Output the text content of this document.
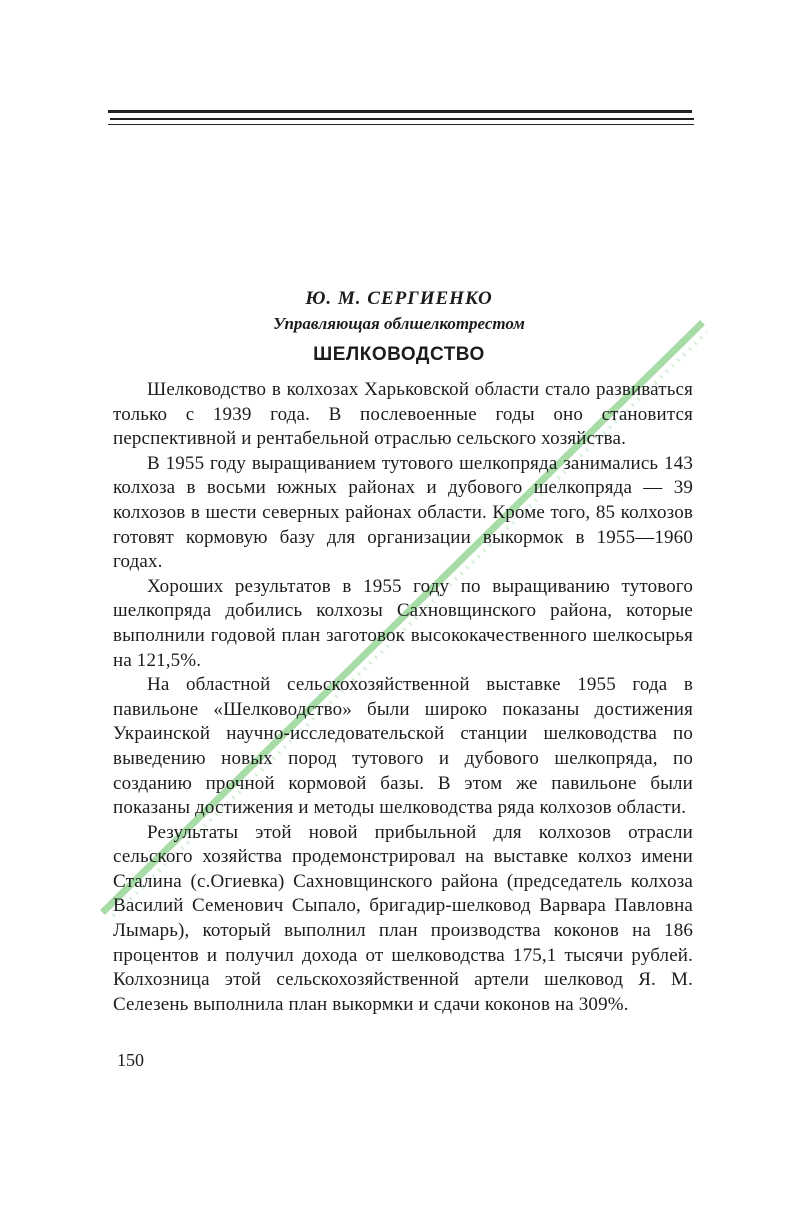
Ю. М. СЕРГИЕНКО
Управляющая облшелкотрестом
ШЕЛКОВОДСТВО

Шелководство в колхозах Харьковской области стало развиваться только с 1939 года. В послевоенные годы оно становится перспективной и рентабельной отраслью сельского хозяйства.

В 1955 году выращиванием тутового шелкопряда занимались 143 колхоза в восьми южных районах и дубового шелкопряда — 39 колхозов в шести северных районах области. Кроме того, 85 колхозов готовят кормовую базу для организации выкормок в 1955—1960 годах.

Хороших результатов в 1955 году по выращиванию тутового шелкопряда добились колхозы Сахновщинского района, которые выполнили годовой план заготовок высококачественного шелкосырья на 121,5%.

На областной сельскохозяйственной выставке 1955 года в павильоне «Шелководство» были широко показаны достижения Украинской научно-исследовательской станции шелководства по выведению новых пород тутового и дубового шелкопряда, по созданию прочной кормовой базы. В этом же павильоне были показаны достижения и методы шелководства ряда колхозов области.

Результаты этой новой прибыльной для колхозов отрасли сельского хозяйства продемонстрировал на выставке колхоз имени Сталина (с.Огиевка) Сахновщинского района (председатель колхоза Василий Семенович Сыпало, бригадир-шелковод Варвара Павловна Лымарь), который выполнил план производства коконов на 186 процентов и получил дохода от шелководства 175,1 тысячи рублей. Колхозница этой сельскохозяйственной артели шелковод Я. М. Селезень выполнила план выкормки и сдачи коконов на 309%.

150
